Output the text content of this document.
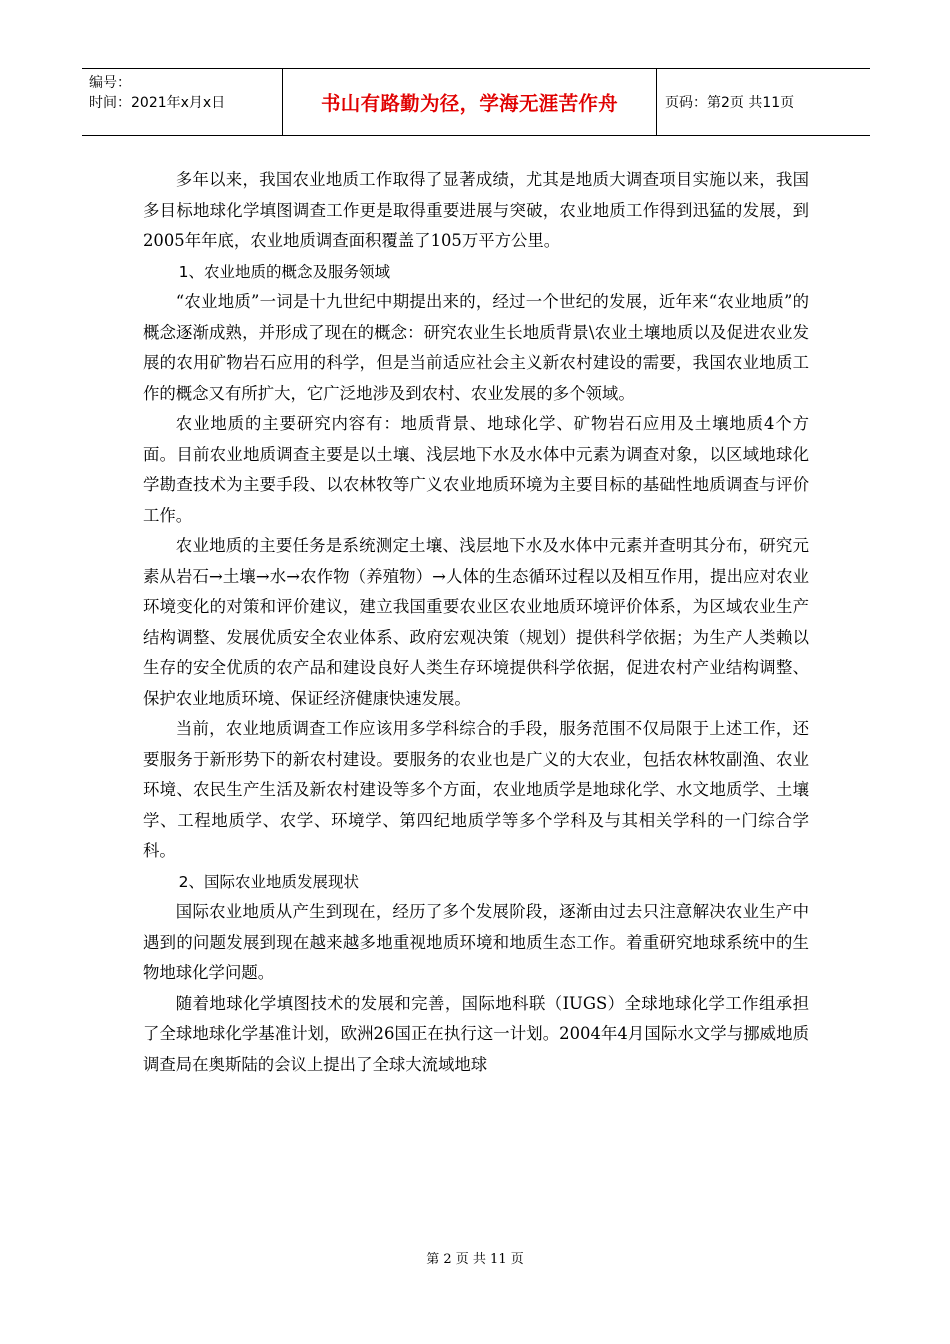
编号：
时间：2021年x月x日	书山有路勤为径，学海无涯苦作舟	页码：第2页 共11页

多年以来，我国农业地质工作取得了显著成绩，尤其是地质大调查项目实施以来，我国多目标地球化学填图调查工作更是取得重要进展与突破，农业地质工作得到迅猛的发展，到2005年年底，农业地质调查面积覆盖了105万平方公里。

1、农业地质的概念及服务领域

“农业地质”一词是十九世纪中期提出来的，经过一个世纪的发展，近年来“农业地质”的概念逐渐成熟，并形成了现在的概念：研究农业生长地质背景\农业土壤地质以及促进农业发展的农用矿物岩石应用的科学，但是当前适应社会主义新农村建设的需要，我国农业地质工作的概念又有所扩大，它广泛地涉及到农村、农业发展的多个领域。

农业地质的主要研究内容有：地质背景、地球化学、矿物岩石应用及土壤地质4个方面。目前农业地质调查主要是以土壤、浅层地下水及水体中元素为调查对象，以区域地球化学勘查技术为主要手段、以农林牧等广义农业地质环境为主要目标的基础性地质调查与评价工作。

农业地质的主要任务是系统测定土壤、浅层地下水及水体中元素并查明其分布，研究元素从岩石→土壤→水→农作物（养殖物）→人体的生态循环过程以及相互作用，提出应对农业环境变化的对策和评价建议，建立我国重要农业区农业地质环境评价体系，为区域农业生产结构调整、发展优质安全农业体系、政府宏观决策（规划）提供科学依据；为生产人类赖以生存的安全优质的农产品和建设良好人类生存环境提供科学依据，促进农村产业结构调整、保护农业地质环境、保证经济健康快速发展。

当前，农业地质调查工作应该用多学科综合的手段，服务范围不仅局限于上述工作，还要服务于新形势下的新农村建设。要服务的农业也是广义的大农业，包括农林牧副渔、农业环境、农民生产生活及新农村建设等多个方面，农业地质学是地球化学、水文地质学、土壤学、工程地质学、农学、环境学、第四纪地质学等多个学科及与其相关学科的一门综合学科。

2、国际农业地质发展现状

国际农业地质从产生到现在，经历了多个发展阶段，逐渐由过去只注意解决农业生产中遇到的问题发展到现在越来越多地重视地质环境和地质生态工作。着重研究地球系统中的生物地球化学问题。

随着地球化学填图技术的发展和完善，国际地科联（IUGS）全球地球化学工作组承担了全球地球化学基准计划，欧洲26国正在执行这一计划。2004年4月国际水文学与挪威地质调查局在奥斯陆的会议上提出了全球大流域地球

第 2 页 共 11 页
